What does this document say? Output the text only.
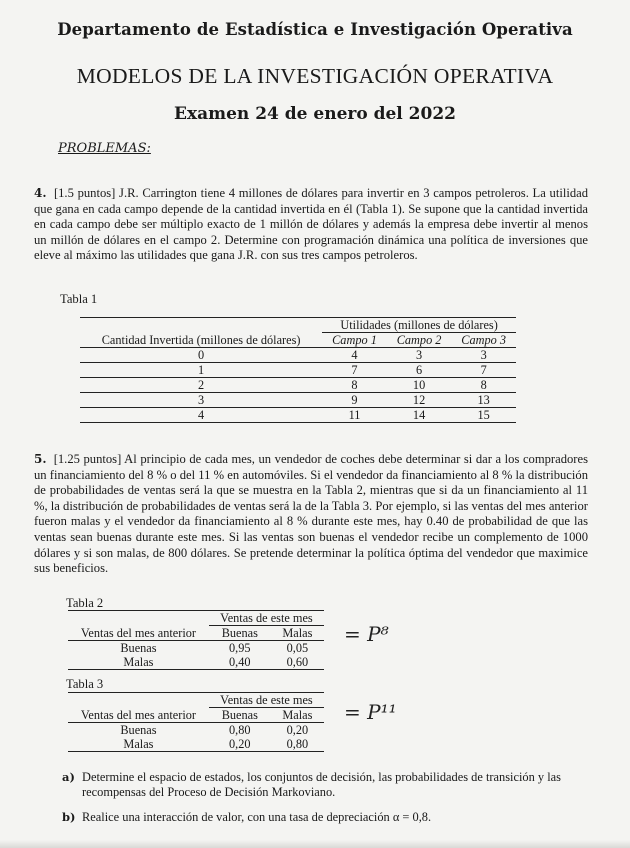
Departamento de Estadística e Investigación Operativa
MODELOS DE LA INVESTIGACIÓN OPERATIVA
Examen 24 de enero del 2022
PROBLEMAS:
4. [1.5 puntos] J.R. Carrington tiene 4 millones de dólares para invertir en 3 campos petroleros. La utilidad que gana en cada campo depende de la cantidad invertida en él (Tabla 1). Se supone que la cantidad invertida en cada campo debe ser múltiplo exacto de 1 millón de dólares y además la empresa debe invertir al menos un millón de dólares en el campo 2. Determine con programación dinámica una política de inversiones que eleve al máximo las utilidades que gana J.R. con sus tres campos petroleros.
Tabla 1
	Utilidades (millones de dólares)		
Cantidad Invertida (millones de dólares)	Campo 1	Campo 2	Campo 3
0	4	3	3
1	7	6	7
2	8	10	8
3	9	12	13
4	11	14	15
5. [1.25 puntos] Al principio de cada mes, un vendedor de coches debe determinar si dar a los compradores un financiamiento del 8 % o del 11 % en automóviles. Si el vendedor da financiamiento al 8 % la distribución de probabilidades de ventas será la que se muestra en la Tabla 2, mientras que si da un financiamiento al 11 %, la distribución de probabilidades de ventas será la de la Tabla 3. Por ejemplo, si las ventas del mes anterior fueron malas y el vendedor da financiamiento al 8 % durante este mes, hay 0.40 de probabilidad de que las ventas sean buenas durante este mes. Si las ventas son buenas el vendedor recibe un complemento de 1000 dólares y si son malas, de 800 dólares. Se pretende determinar la política óptima del vendedor que maximice sus beneficios.
Tabla 2
	Ventas de este mes	
Ventas del mes anterior	Buenas	Malas
Buenas	0,95	0,05
Malas	0,40	0,60
= P⁸
Tabla 3
	Ventas de este mes	
Ventas del mes anterior	Buenas	Malas
Buenas	0,80	0,20
Malas	0,20	0,80
= P¹¹
a) Determine el espacio de estados, los conjuntos de decisión, las probabilidades de transición y las recompensas del Proceso de Decisión Markoviano.
b) Realice una interacción de valor, con una tasa de depreciación α = 0,8.
